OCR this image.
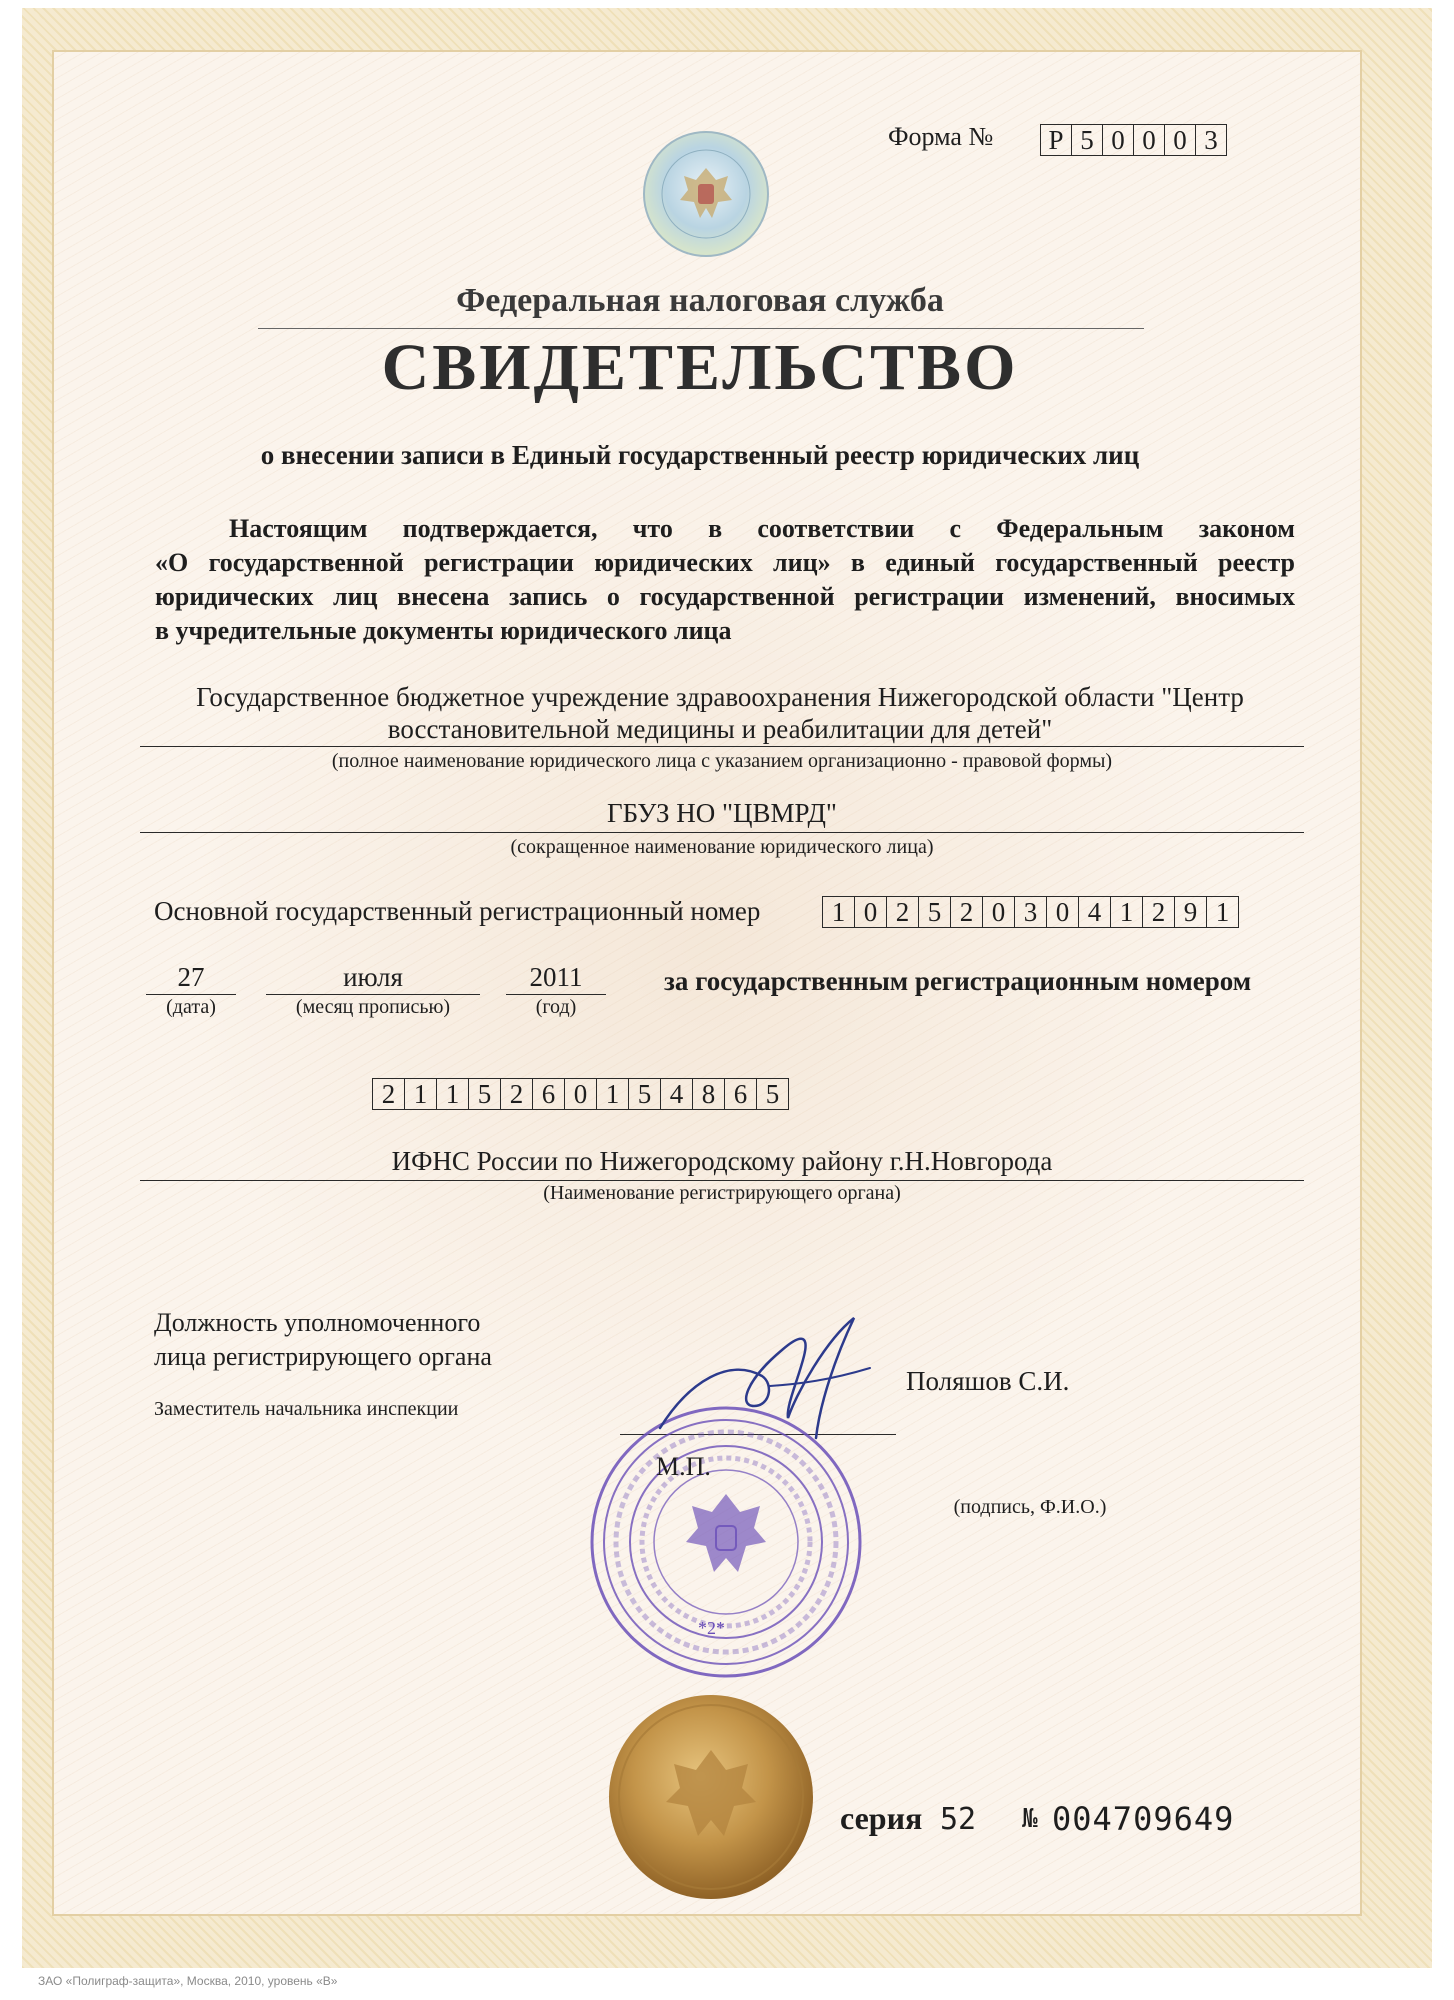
Форма №	Р 5 0 0 0 3
Федеральная налоговая служба
СВИДЕТЕЛЬСТВО
о внесении записи в Единый государственный реестр юридических лиц
Настоящим подтверждается, что в соответствии с Федеральным законом
«О государственной регистрации юридических лиц» в единый государственный реестр
юридических лиц внесена запись о государственной регистрации изменений, вносимых
в учредительные документы юридического лица
Государственное бюджетное учреждение здравоохранения Нижегородской области "Центр
восстановительной медицины и реабилитации для детей"
(полное наименование юридического лица с указанием организационно - правовой формы)
ГБУЗ НО "ЦВМРД"
(сокращенное наименование юридического лица)
Основной государственный регистрационный номер	1 0 2 5 2 0 3 0 4 1 2 9 1
27
(дата)
июля
(месяц прописью)
2011
(год)
за государственным регистрационным номером
2 1 1 5 2 6 0 1 5 4 8 6 5
ИФНС России по Нижегородскому району г.Н.Новгорода
(Наименование регистрирующего органа)
Должность уполномоченного
лица регистрирующего органа
Заместитель начальника инспекции
Поляшов С.И.
(подпись, Ф.И.О.)
*2*
М.П.
серия 52 № 004709649
ЗАО «Полиграф-защита», Москва, 2010, уровень «В»
